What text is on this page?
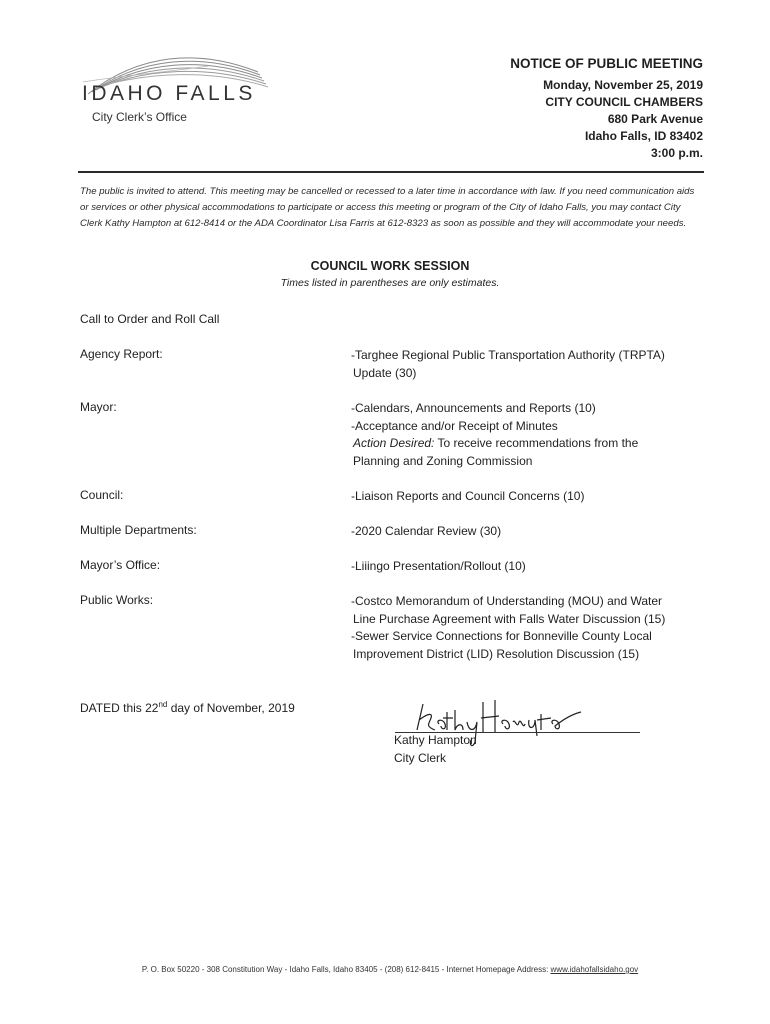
IDAHO FALLS
City Clerk’s Office
NOTICE OF PUBLIC MEETING
Monday, November 25, 2019
CITY COUNCIL CHAMBERS
680 Park Avenue
Idaho Falls, ID 83402
3:00 p.m.
The public is invited to attend. This meeting may be cancelled or recessed to a later time in accordance with law. If you need communication aids or services or other physical accommodations to participate or access this meeting or program of the City of Idaho Falls, you may contact City Clerk Kathy Hampton at 612-8414 or the ADA Coordinator Lisa Farris at 612-8323 as soon as possible and they will accommodate your needs.
COUNCIL WORK SESSION
Times listed in parentheses are only estimates.
Call to Order and Roll Call
Agency Report:	-Targhee Regional Public Transportation Authority (TRPTA)
Update (30)
Mayor:	-Calendars, Announcements and Reports (10)
-Acceptance and/or Receipt of Minutes
Action Desired: To receive recommendations from the
Planning and Zoning Commission
Council:	-Liaison Reports and Council Concerns (10)
Multiple Departments:	-2020 Calendar Review (30)
Mayor’s Office:	-Liiingo Presentation/Rollout (10)
Public Works:	-Costco Memorandum of Understanding (MOU) and Water
Line Purchase Agreement with Falls Water Discussion (15)
-Sewer Service Connections for Bonneville County Local
Improvement District (LID) Resolution Discussion (15)
DATED this 22nd day of November, 2019
Kathy Hampton
City Clerk
P. O. Box 50220 - 308 Constitution Way - Idaho Falls, Idaho 83405 - (208) 612-8415 - Internet Homepage Address: www.idahofallsidaho.gov
